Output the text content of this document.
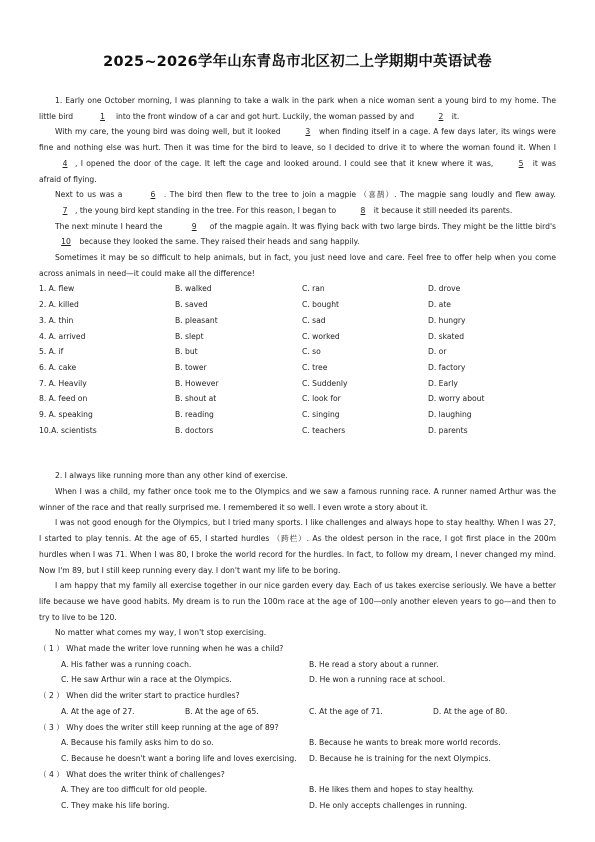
2025~2026学年山东青岛市北区初二上学期期中英语试卷

1. Early one October morning, I was planning to take a walk in the park when a nice woman sent a young bird to my home. The little bird	1 into the front window of a car and got hurt. Luckily, the woman passed by and	2 it.

With my care, the young bird was doing well, but it looked	3 when finding itself in a cage. A few days later, its wings were fine and nothing else was hurt. Then it was time for the bird to leave, so I decided to drive it to where the woman found it. When I 4 , I opened the door of the cage. It left the cage and looked around. I could see that it knew where it was,	5 it was afraid of flying.

Next to us was a	6 . The bird then flew to the tree to join a magpie （喜鹊）. The magpie sang loudly and flew away. 7 , the young bird kept standing in the tree. For this reason, I began to	8 it because it still needed its parents.

The next minute I heard the	9 of the magpie again. It was flying back with two large birds. They might be the little bird's 10 because they looked the same. They raised their heads and sang happily.

Sometimes it may be so difficult to help animals, but in fact, you just need love and care. Feel free to offer help when you come across animals in need—it could make all the difference!

1. A. flew	B. walked	C. ran	D. drove
2. A. killed	B. saved	C. bought	D. ate
3. A. thin	B. pleasant	C. sad	D. hungry
4. A. arrived	B. slept	C. worked	D. skated
5. A. if	B. but	C. so	D. or
6. A. cake	B. tower	C. tree	D. factory
7. A. Heavily	B. However	C. Suddenly	D. Early
8. A. feed on	B. shout at	C. look for	D. worry about
9. A. speaking	B. reading	C. singing	D. laughing
10.A. scientists	B. doctors	C. teachers	D. parents

2. I always like running more than any other kind of exercise.

When I was a child, my father once took me to the Olympics and we saw a famous running race. A runner named Arthur was the winner of the race and that really surprised me. I remembered it so well. I even wrote a story about it.

I was not good enough for the Olympics, but I tried many sports. I like challenges and always hope to stay healthy. When I was 27, I started to play tennis. At the age of 65, I started hurdles （跨栏）. As the oldest person in the race, I got first place in the 200m hurdles when I was 71. When I was 80, I broke the world record for the hurdles. In fact, to follow my dream, I never changed my mind. Now I'm 89, but I still keep running every day. I don't want my life to be boring.

I am happy that my family all exercise together in our nice garden every day. Each of us takes exercise seriously. We have a better life because we have good habits. My dream is to run the 100m race at the age of 100—only another eleven years to go—and then to try to live to be 120.

No matter what comes my way, I won't stop exercising.

（ 1 ） What made the writer love running when he was a child?
A. His father was a running coach.	B. He read a story about a runner.
C. He saw Arthur win a race at the Olympics.	D. He won a running race at school.
（ 2 ） When did the writer start to practice hurdles?
A. At the age of 27.	B. At the age of 65.	C. At the age of 71.	D. At the age of 80.
（ 3 ） Why does the writer still keep running at the age of 89?
A. Because his family asks him to do so.	B. Because he wants to break more world records.
C. Because he doesn't want a boring life and loves exercising.	D. Because he is training for the next Olympics.
（ 4 ） What does the writer think of challenges?
A. They are too difficult for old people.	B. He likes them and hopes to stay healthy.
C. They make his life boring.	D. He only accepts challenges in running.
